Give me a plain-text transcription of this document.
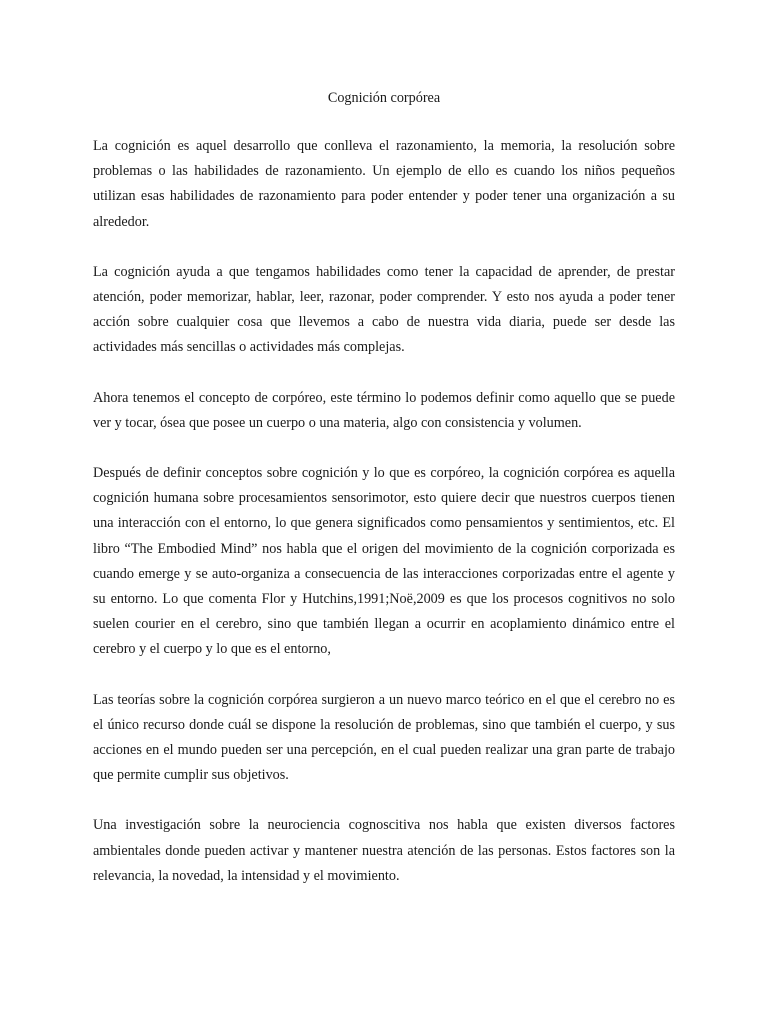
Cognición corpórea

La cognición es aquel desarrollo que conlleva el razonamiento, la memoria, la resolución sobre problemas o las habilidades de razonamiento. Un ejemplo de ello es cuando los niños pequeños utilizan esas habilidades de razonamiento para poder entender y poder tener una organización a su alrededor.

La cognición ayuda a que tengamos habilidades como tener la capacidad de aprender, de prestar atención, poder memorizar, hablar, leer, razonar, poder comprender. Y esto nos ayuda a poder tener acción sobre cualquier cosa que llevemos a cabo de nuestra vida diaria, puede ser desde las actividades más sencillas o actividades más complejas.

Ahora tenemos el concepto de corpóreo, este término lo podemos definir como aquello que se puede ver y tocar, ósea que posee un cuerpo o una materia, algo con consistencia y volumen.

Después de definir conceptos sobre cognición y lo que es corpóreo, la cognición corpórea es aquella cognición humana sobre procesamientos sensorimotor, esto quiere decir que nuestros cuerpos tienen una interacción con el entorno, lo que genera significados como pensamientos y sentimientos, etc. El libro “The Embodied Mind” nos habla que el origen del movimiento de la cognición corporizada es cuando emerge y se auto-organiza a consecuencia de las interacciones corporizadas entre el agente y su entorno. Lo que comenta Flor y Hutchins,1991;Noë,2009 es que los procesos cognitivos no solo suelen courier en el cerebro, sino que también llegan a ocurrir en acoplamiento dinámico entre el cerebro y el cuerpo y lo que es el entorno,

Las teorías sobre la cognición corpórea surgieron a un nuevo marco teórico en el que el cerebro no es el único recurso donde cuál se dispone la resolución de problemas, sino que también el cuerpo, y sus acciones en el mundo pueden ser una percepción, en el cual pueden realizar una gran parte de trabajo que permite cumplir sus objetivos.

Una investigación sobre la neurociencia cognoscitiva nos habla que existen diversos factores ambientales donde pueden activar y mantener nuestra atención de las personas. Estos factores son la relevancia, la novedad, la intensidad y el movimiento.
